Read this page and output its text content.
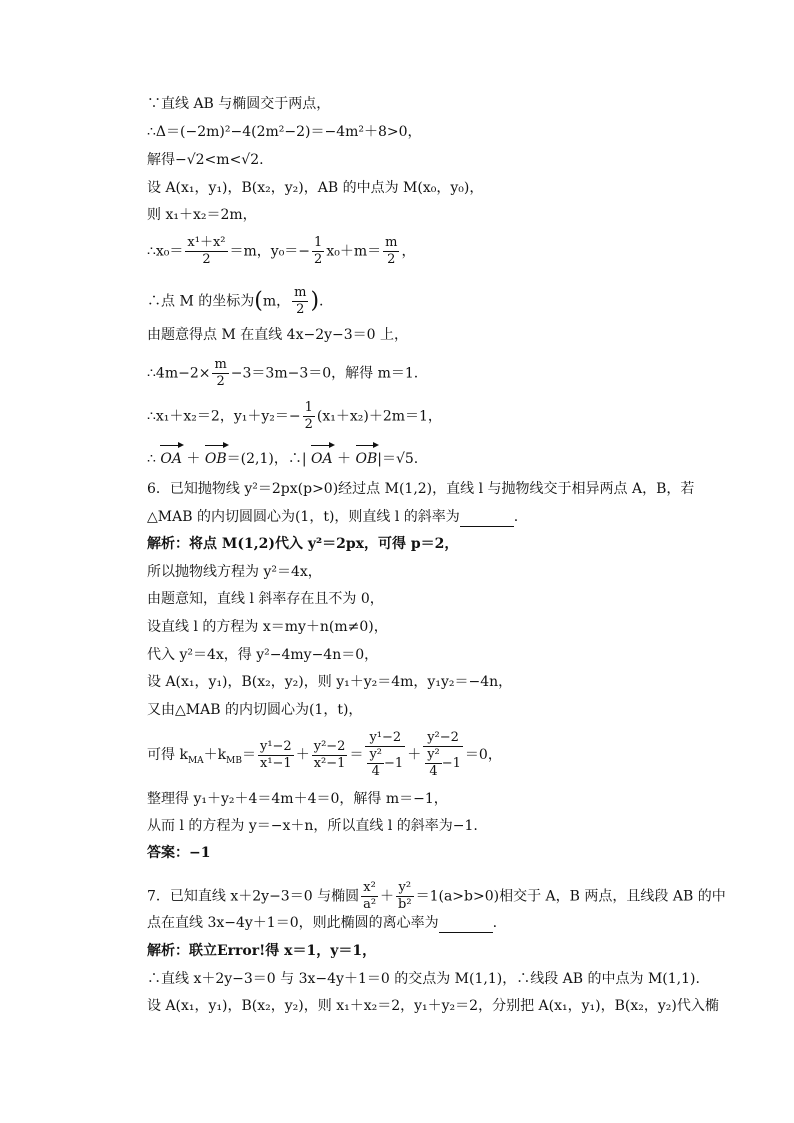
∵直线 AB 与椭圆交于两点，
∴Δ＝(−2m)²−4(2m²−2)＝−4m²＋8>0，
解得−√2<m<√2.
设 A(x₁，y₁)，B(x₂，y₂)，AB 的中点为 M(x₀，y₀)，
则 x₁＋x₂＝2m，
∴x₀＝ $\frac{\text{x¹＋x²}}{2} =m$，$y_0=- \frac{1}{2} x_0+m= \frac{m}{2}$ ，
∴点 M 的坐标为(m， $\frac{m}{2}$ ).
由题意得点 M 在直线 4x−2y−3＝0 上，
∴4m−2× $\frac{m}{2} -3=3m-3=0$，解得 m＝1.
∴x₁＋x₂＝2，$y_1+y_2=- \frac{1}{2} (x_1+x_2)+2m=1$，
∴ OA ＋ OB＝(2,1)，∴| OA ＋ OB|＝√5.
6．已知抛物线 y²＝2px(p>0)经过点 M(1,2)，直线 l 与抛物线交于相异两点 A，B，若
△MAB 的内切圆圆心为(1，t)，则直线 l 的斜率为	.
解析：将点 M(1,2)代入 y²＝2px，可得 p＝2，
所以抛物线方程为 y²＝4x，
由题意知，直线 l 斜率存在且不为 0，
设直线 l 的方程为 x＝my＋n(m≠0)，
代入 y²＝4x，得 y²−4my−4n＝0，
设 A(x₁，y₁)，B(x₂，y₂)，则 y₁＋y₂＝4m，y₁y₂＝−4n，
又由△MAB 的内切圆心为(1，t)，
可得 $k_{MA}+k_{MB}= \frac{\text{y¹−2}}{\text{x¹−1}} + \frac{\text{y²−2}}{\text{x²−1}} = \frac{\text{y¹−2}}{\frac{\text{y²}}{4} -1} + \frac{\text{y²−2}}{\frac{\text{y²}}{4} -1} =0$，
整理得 y₁＋y₂＋4＝4m＋4＝0，解得 m＝−1，
从而 l 的方程为 y＝−x＋n，所以直线 l 的斜率为−1.
答案：−1
7．已知直线 x＋2y−3＝0 与椭圆 $\frac{\text{x²}}{\text{a²}} + \frac{\text{y²}}{\text{b²}} =1(a>b>0)$相交于 A，B 两点，且线段 AB 的中
点在直线 3x−4y＋1＝0，则此椭圆的离心率为	.
解析：联立Error!得 x＝1，y＝1，
∴直线 x＋2y−3＝0 与 3x−4y＋1＝0 的交点为 M(1,1)，∴线段 AB 的中点为 M(1,1).
设 A(x₁，y₁)，B(x₂，y₂)，则 x₁＋x₂＝2，y₁＋y₂＝2，分别把 A(x₁，y₁)，B(x₂，y₂)代入椭
